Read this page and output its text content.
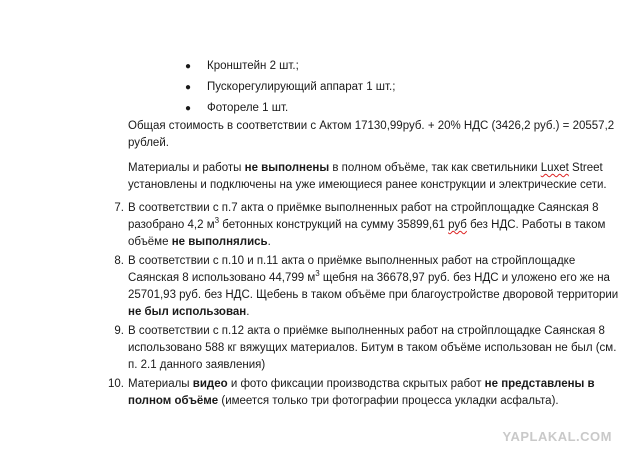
● Кронштейн 2 шт.;
● Пускорегулирующий аппарат 1 шт.;
● Фотореле 1 шт.
Общая стоимость в соответствии с Актом 17130,99руб. + 20% НДС (3426,2 руб.) = 20557,2 рублей.
Материалы и работы не выполнены в полном объёме, так как светильники Luxet Street установлены и подключены на уже имеющиеся ранее конструкции и электрические сети.
7. В соответствии с п.7 акта о приёмке выполненных работ на стройплощадке Саянская 8 разобрано 4,2 $м^3$ бетонных конструкций на сумму 35899,61 руб без НДС. Работы в таком объёме не выполнялись.
8. В соответствии с п.10 и п.11 акта о приёмке выполненных работ на стройплощадке Саянская 8 использовано 44,799 $м^3$ щебня на 36678,97 руб. без НДС и уложено его же на 25701,93 руб. без НДС. Щебень в таком объёме при благоустройстве дворовой территории не был использован.
9. В соответствии с п.12 акта о приёмке выполненных работ на стройплощадке Саянская 8 использовано 588 кг вяжущих материалов. Битум в таком объёме использован не был (см. п. 2.1 данного заявления)
10. Материалы видео и фото фиксации производства скрытых работ не представлены в полном объёме (имеется только три фотографии процесса укладки асфальта).
YAPLAKAL.COM
